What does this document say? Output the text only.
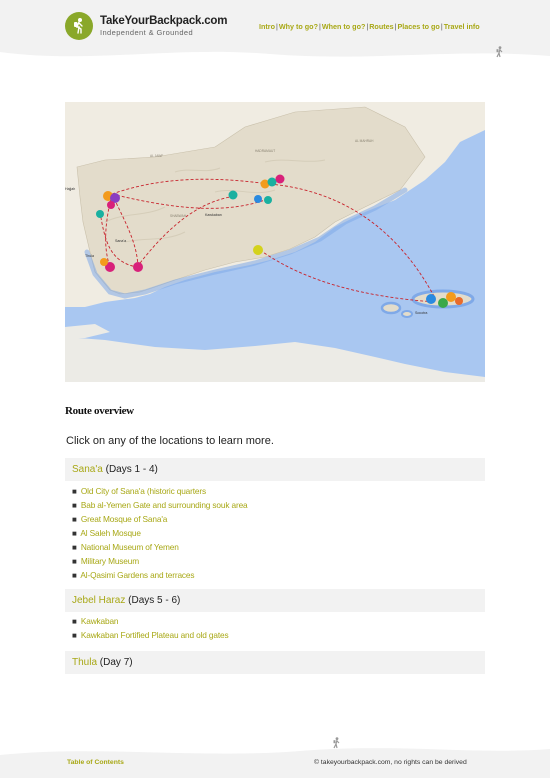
TakeYourBackpack.com
Independent & Grounded
Intro | Why to go? | When to go? | Routes | Places to go | Travel info
AL JAWF
HADRAMAUT
AL MAHRAH
SHABWAH
Hajjah
Sana'a
Thula
Kawkaban
Socotra
Route overview
Click on any of the locations to learn more.
Sana'a (Days 1 - 4)
■ Old City of Sana'a (historic quarters
■ Bab al-Yemen Gate and surrounding souk area
■ Great Mosque of Sana'a
■ Al Saleh Mosque
■ National Museum of Yemen
■ Military Museum
■ Al-Qasimi Gardens and terraces
Jebel Haraz (Days 5 - 6)
■ Kawkaban
■ Kawkaban Fortified Plateau and old gates
Thula (Day 7)
Table of Contents	© takeyourbackpack.com, no rights can be derived
